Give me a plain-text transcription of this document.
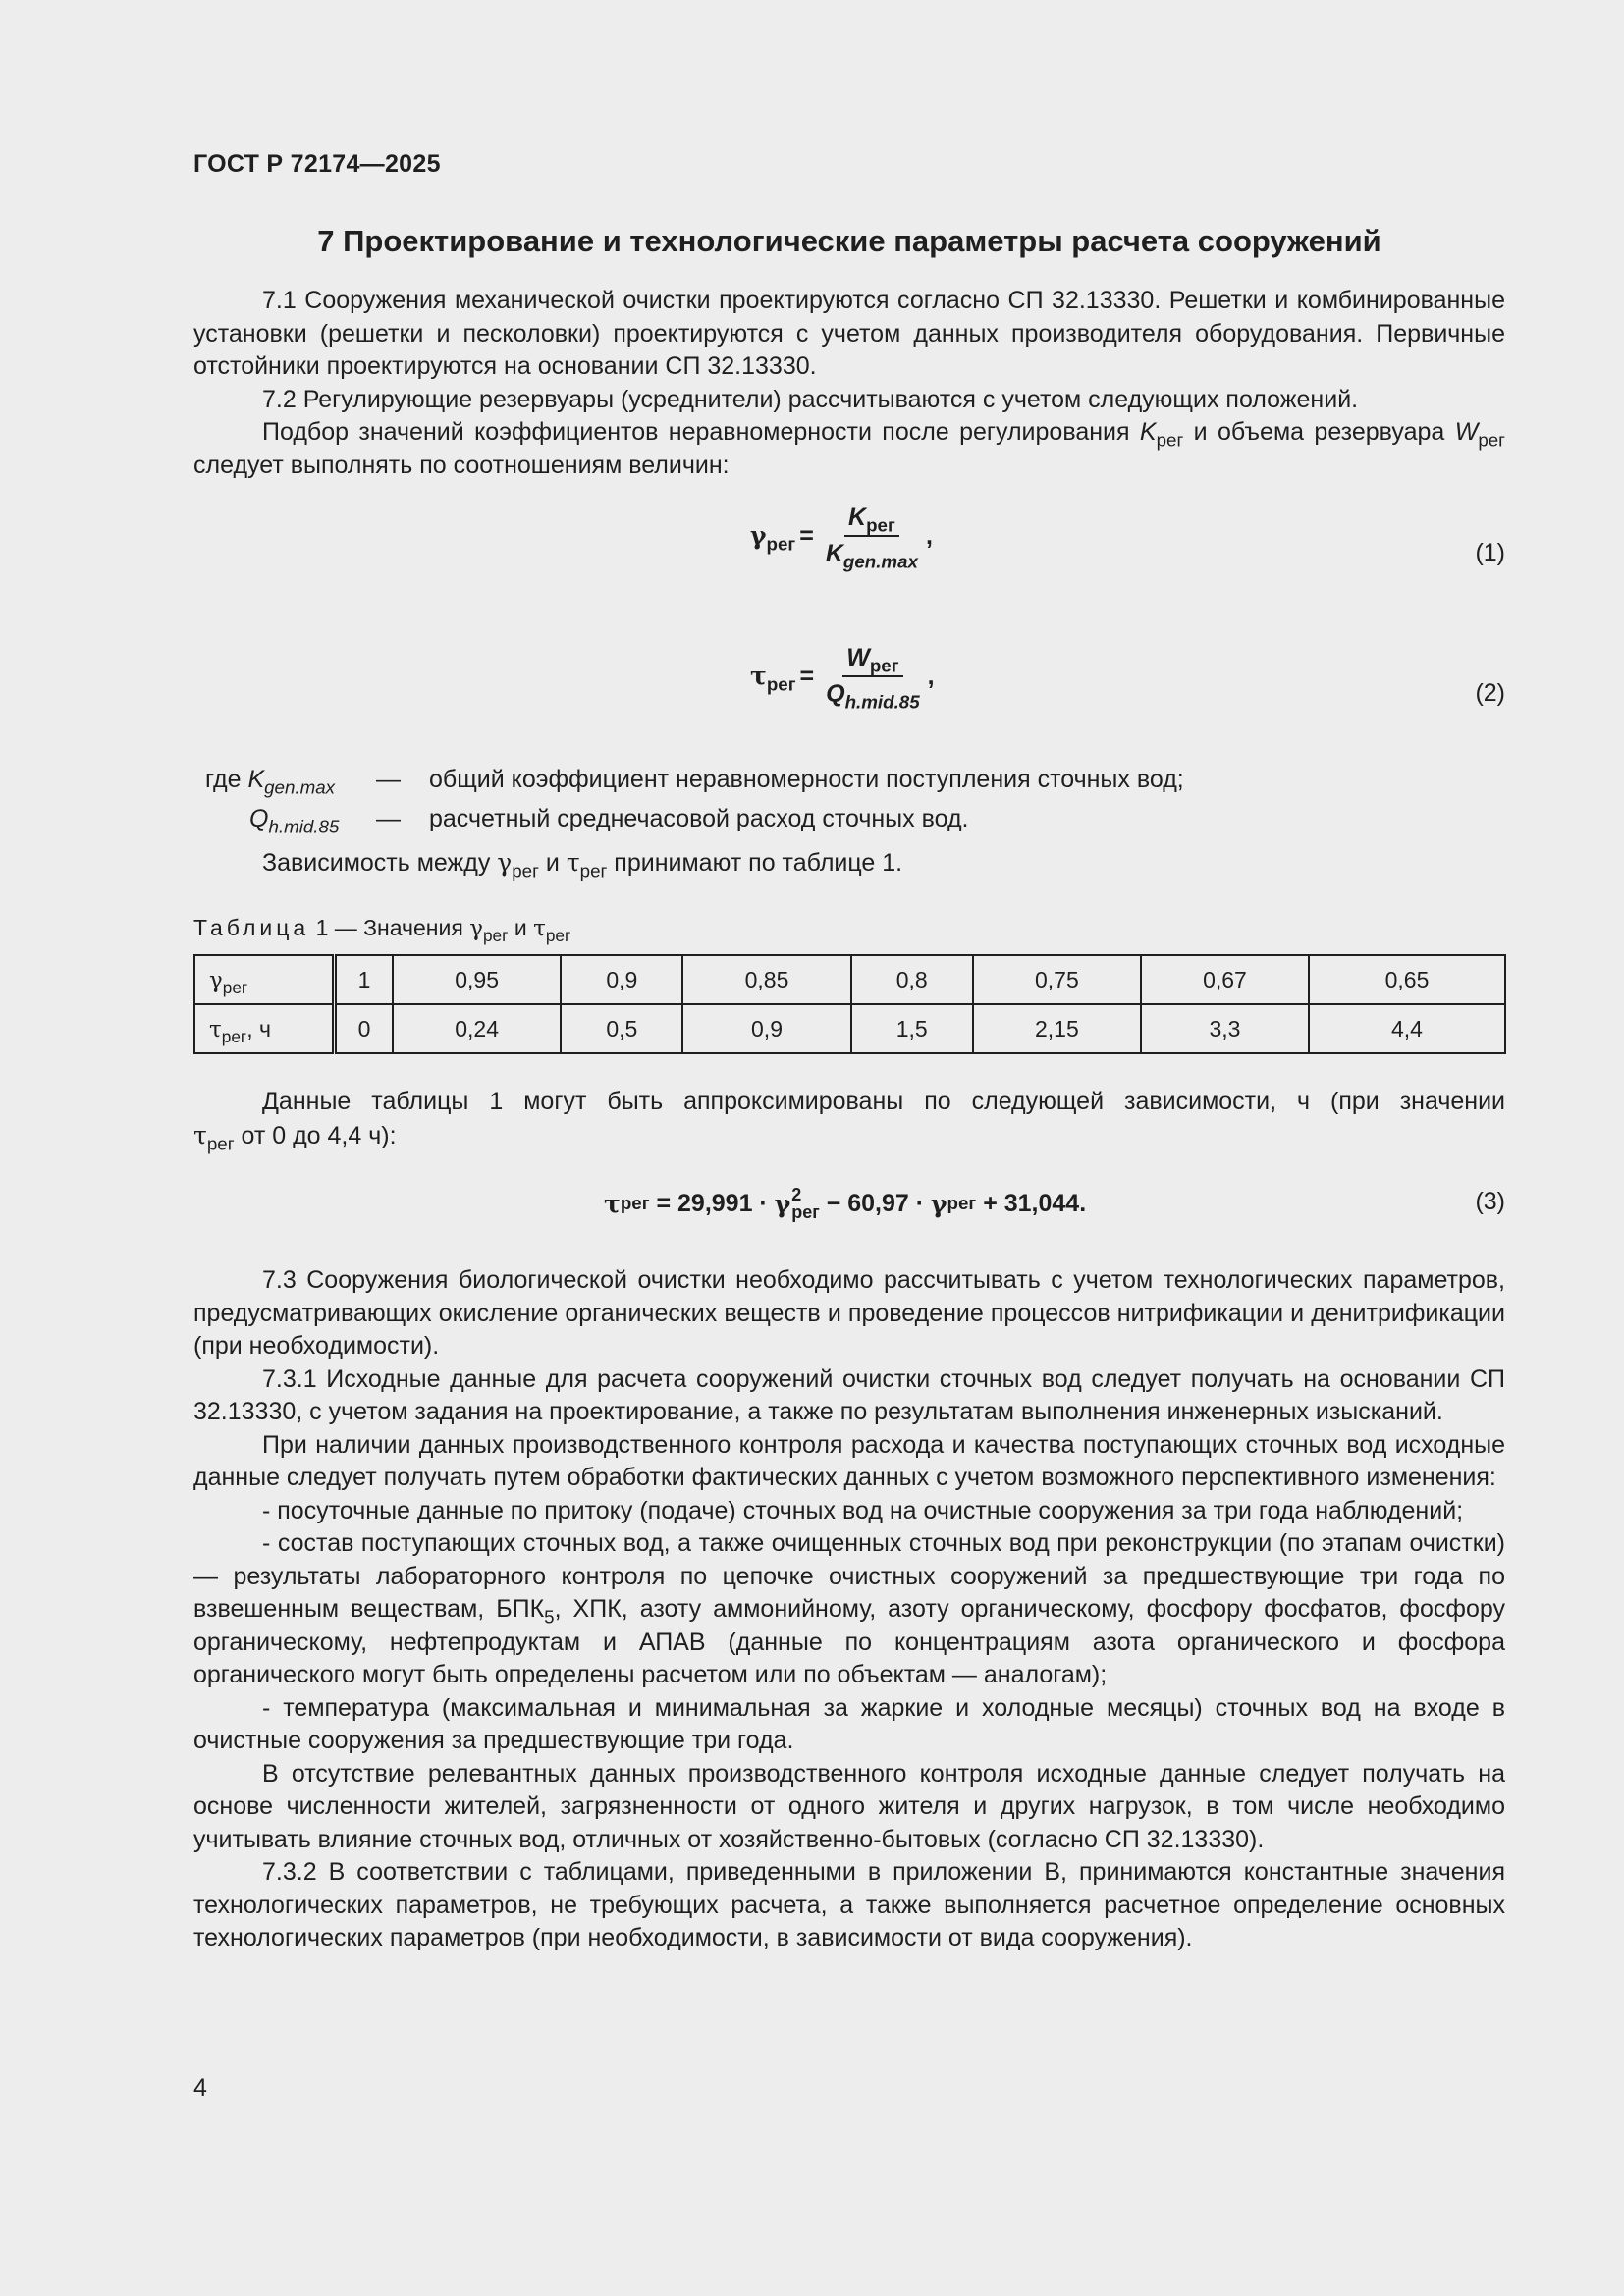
ГОСТ Р 72174—2025
7 Проектирование и технологические параметры расчета сооружений

7.1 Сооружения механической очистки проектируются согласно СП 32.13330. Решетки и комбинированные установки (решетки и песколовки) проектируются с учетом данных производителя оборудования. Первичные отстойники проектируются на основании СП 32.13330.

7.2 Регулирующие резервуары (усреднители) рассчитываются с учетом следующих положений.

Подбор значений коэффициентов неравномерности после регулирования $K_{рег}$ и объема резервуара $W_{рег}$ следует выполнять по соотношениям величин:

$\gamma_{рег} = \frac{K_{рег}}{K_{gen.max}}$ ,
(1)
$\tau_{рег} = \frac{W_{рег}}{Q_{h.mid.85}}$ ,
(2)
где $K_{gen.max}$ — общий коэффициент неравномерности поступления сточных вод;
$Q_{h.mid.85}$ — расчетный среднечасовой расход сточных вод.

Зависимость между $\gamma_{рег}$ и $\tau_{рег}$ принимают по таблице 1.

Таблица 1 — Значения $\gamma_{рег}$ и $\tau_{рег}$
$\gamma_{рег}$	1	0,95	0,9	0,85	0,8	0,75	0,67	0,65
$\tau_{рег}$, ч	0	0,24	0,5	0,9	1,5	2,15	3,3	4,4

Данные таблицы 1 могут быть аппроксимированы по следующей зависимости, ч (при значении

$\tau_{рег}$ от 0 до 4,4 ч):

τ рег = 29,991 · γ 2
рег − 60,97 · γ рег + 31,044.	(3)

7.3 Сооружения биологической очистки необходимо рассчитывать с учетом технологических параметров, предусматривающих окисление органических веществ и проведение процессов нитрификации и денитрификации (при необходимости).

7.3.1 Исходные данные для расчета сооружений очистки сточных вод следует получать на основании СП 32.13330, с учетом задания на проектирование, а также по результатам выполнения инженерных изысканий.

При наличии данных производственного контроля расхода и качества поступающих сточных вод исходные данные следует получать путем обработки фактических данных с учетом возможного перспективного изменения:

- посуточные данные по притоку (подаче) сточных вод на очистные сооружения за три года наблюдений;

- состав поступающих сточных вод, а также очищенных сточных вод при реконструкции (по этапам очистки) — результаты лабораторного контроля по цепочке очистных сооружений за предшествующие три года по взвешенным веществам, $БПК_5$, ХПК, азоту аммонийному, азоту органическому, фосфору фосфатов, фосфору органическому, нефтепродуктам и АПАВ (данные по концентрациям азота органического и фосфора органического могут быть определены расчетом или по объектам — аналогам);

- температура (максимальная и минимальная за жаркие и холодные месяцы) сточных вод на входе в очистные сооружения за предшествующие три года.

В отсутствие релевантных данных производственного контроля исходные данные следует получать на основе численности жителей, загрязненности от одного жителя и других нагрузок, в том числе необходимо учитывать влияние сточных вод, отличных от хозяйственно-бытовых (согласно СП 32.13330).

7.3.2 В соответствии с таблицами, приведенными в приложении В, принимаются константные значения технологических параметров, не требующих расчета, а также выполняется расчетное определение основных технологических параметров (при необходимости, в зависимости от вида сооружения).

4
